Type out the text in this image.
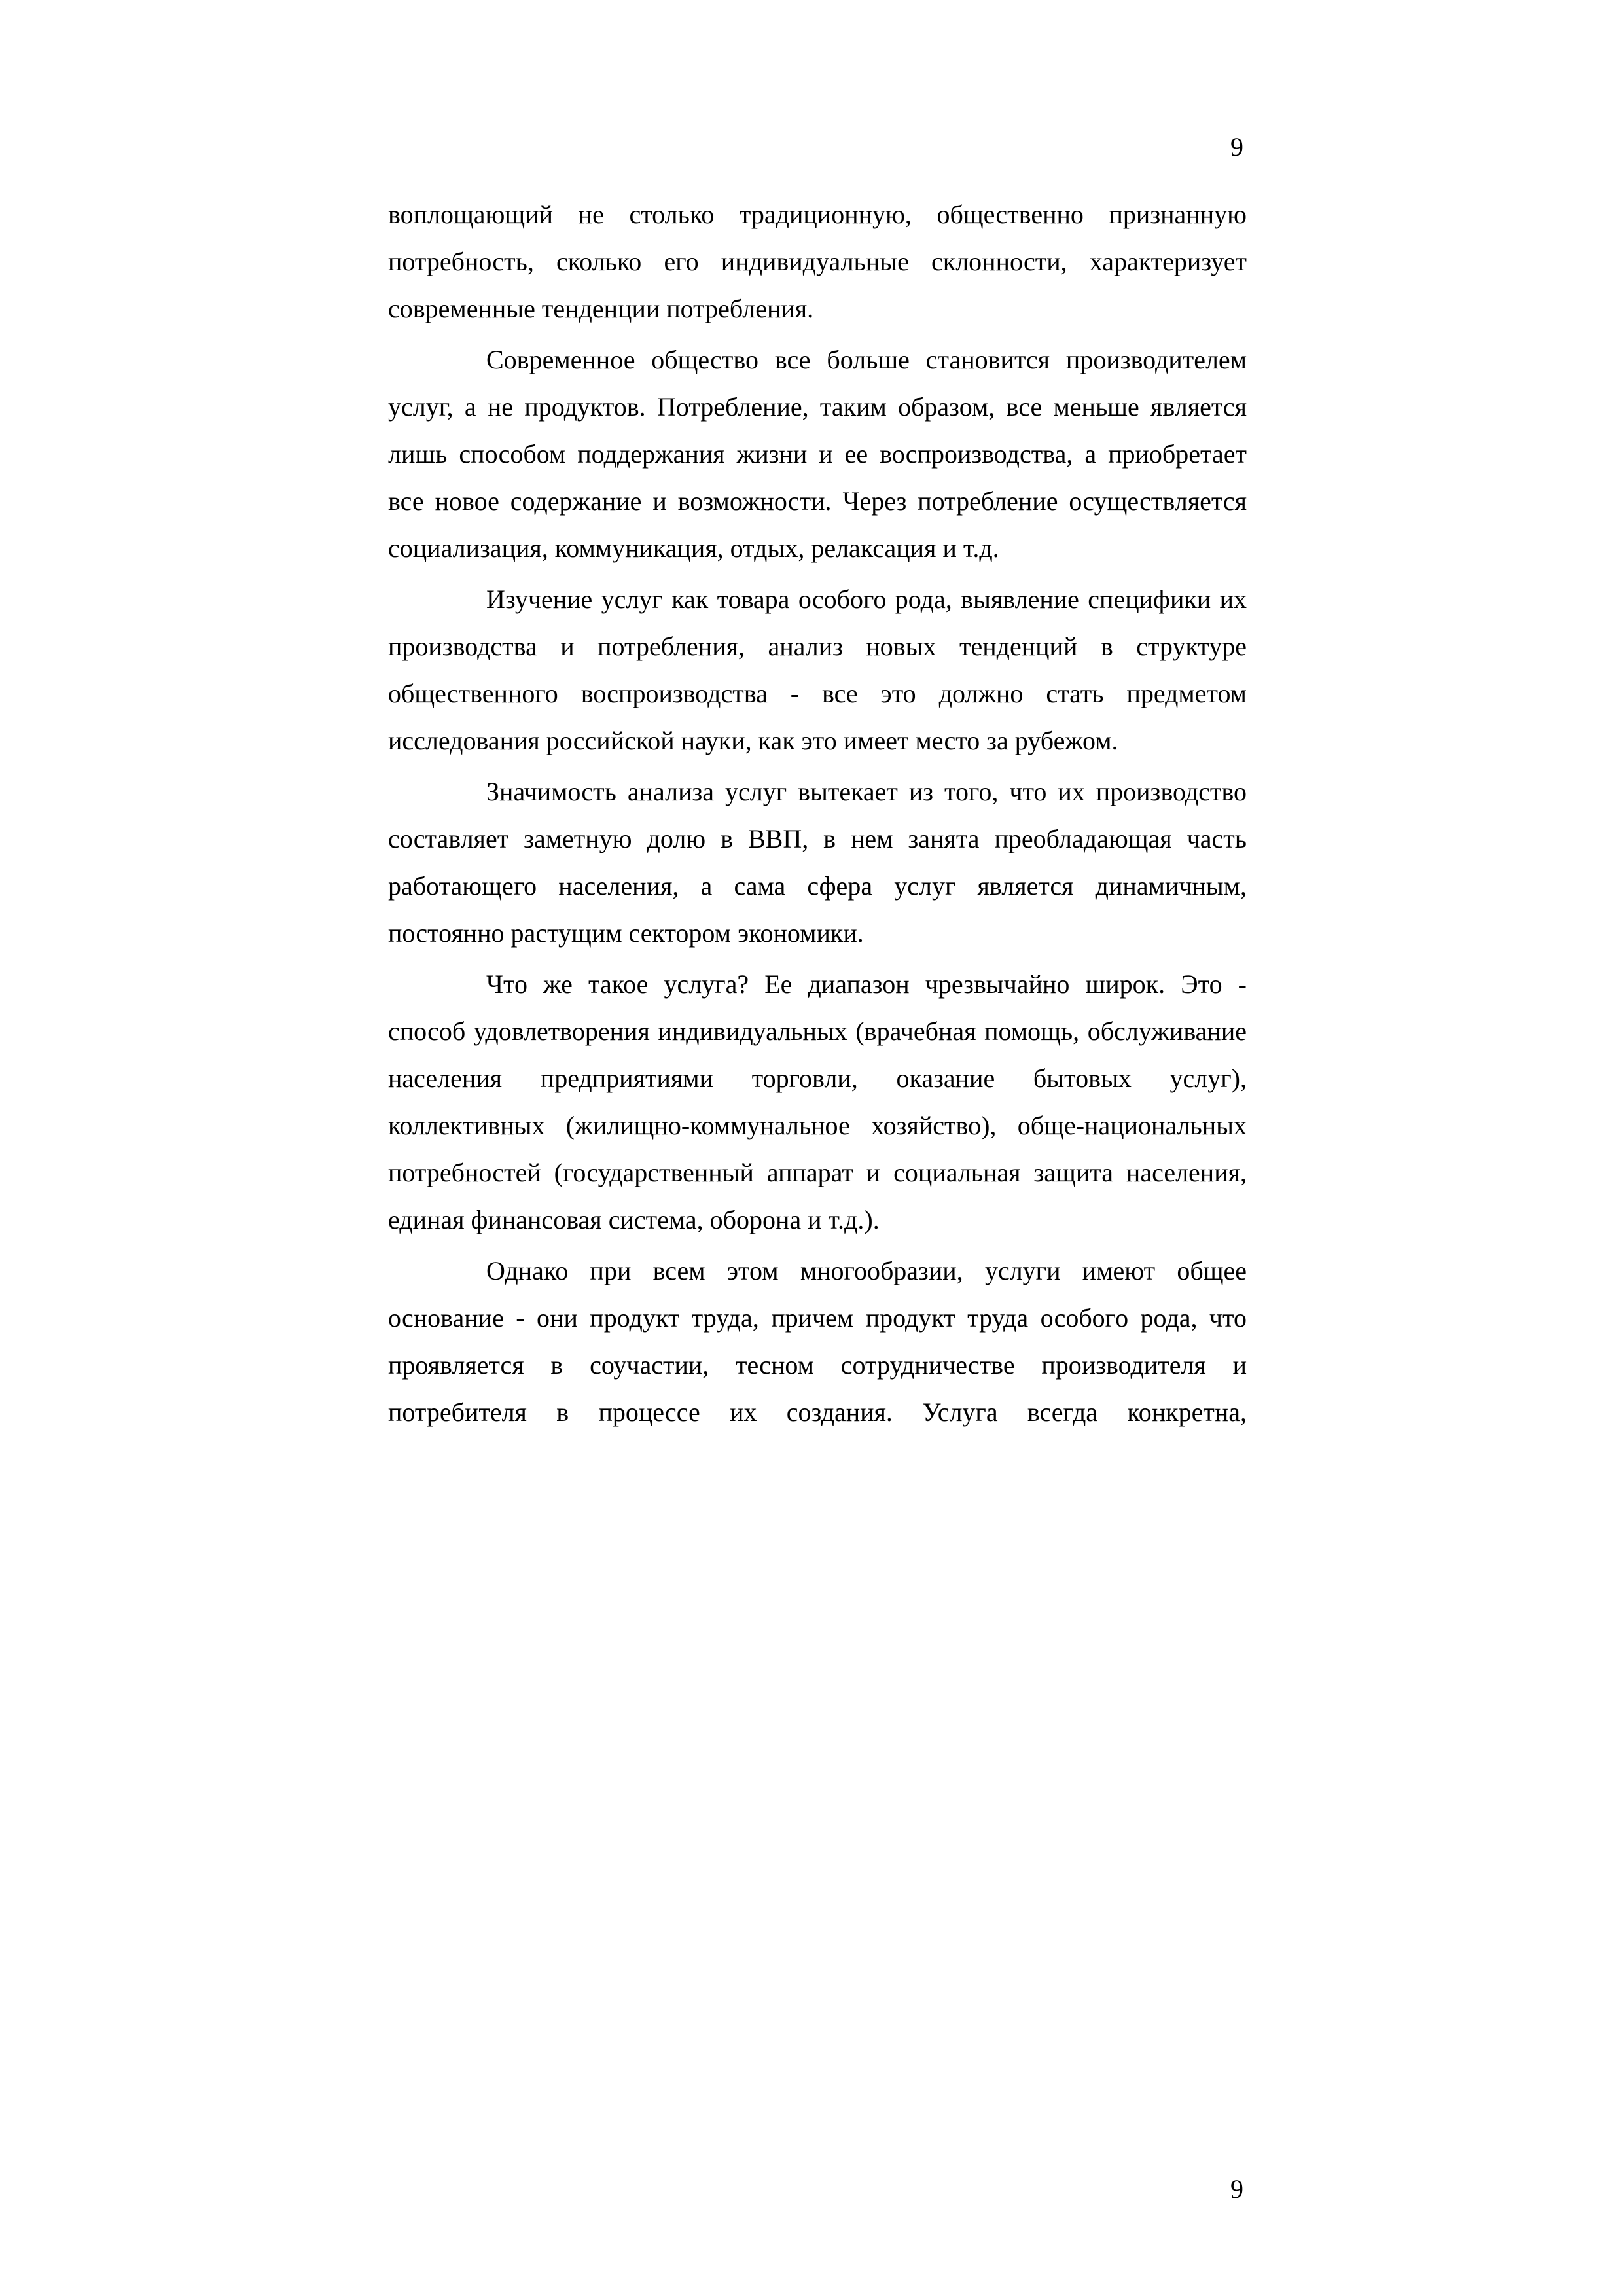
9

воплощающий не столько традиционную, общественно признанную потребность, сколько его индивидуальные склонности, характеризует современные тенденции потребления.

Современное общество все больше становится производителем услуг, а не продуктов. Потребление, таким образом, все меньше является лишь способом поддержания жизни и ее воспроизводства, а приобретает все новое содержание и возможности. Через потребление осуществляется социализация, коммуникация, отдых, релаксация и т.д.

Изучение услуг как товара особого рода, выявление специфики их производства и потребления, анализ новых тенденций в структуре общественного воспроизводства - все это должно стать предметом исследования российской науки, как это имеет место за рубежом.

Значимость анализа услуг вытекает из того, что их производство составляет заметную долю в ВВП, в нем занята преобладающая часть работающего населения, а сама сфера услуг является динамичным, постоянно растущим сектором экономики.

Что же такое услуга? Ее диапазон чрезвычайно широк. Это - способ удовлетворения индивидуальных (врачебная помощь, обслуживание населения предприятиями торговли, оказание бытовых услуг), коллективных (жилищно-коммунальное хозяйство), обще-национальных потребностей (государственный аппарат и социальная защита населения, единая финансовая система, оборона и т.д.).

Однако при всем этом многообразии, услуги имеют общее основание - они продукт труда, причем продукт труда особого рода, что проявляется в соучастии, тесном сотрудничестве производителя и потребителя в процессе их создания. Услуга всегда конкретна,

9
